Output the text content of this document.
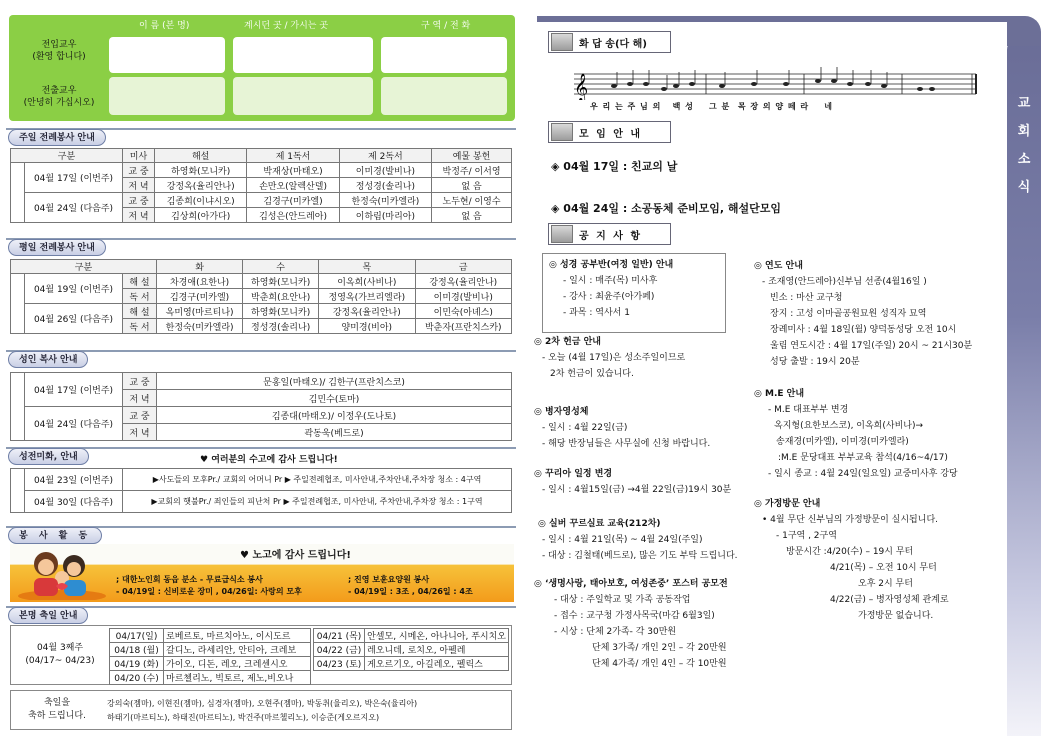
이 름 (본 명)	계시던 곳 / 가시는 곳	구 역 / 전 화
전입교우
(환영 합니다)
전출교우
(안녕히 가십시오)
주일 전례봉사 안내
구분		미사	해설	제 1독서	제 2독서	예물 봉헌
	04월 17일 (이번주)	교 중	하영화(모니카)	박재상(마태오)	이미경(발비나)	박정주/ 이서영
		저 녁	강정옥(율리안나)	손만오(알렉산델)	정성경(솔리나)	없 음
	04월 24일 (다음주)	교 중	김종희(이냐시오)	김경구(미카엘)	한정숙(미카엘라)	노두현/ 이영수
		저 녁	김상희(아가다)	김성은(안드레아)	이하림(마리아)	없 음
평일 전례봉사 안내
구분			화	수	목	금
	04월 19일 (이번주)	해 설	차경애(요한나)	하영화(모니카)	이옥희(사비나)	강정옥(율리안나)
		독 서	김경구(미카엘)	박춘희(요안나)	정영옥(가브리엘라)	이미경(발비나)
	04월 26일 (다음주)	해 설	옥미영(마르티나)	하영화(모니카)	강정옥(율리안나)	이민숙(아녜스)
		독 서	한정숙(미카엘라)	정성경(솔리나)	양미경(비아)	박춘자(프란치스카)
성인 복사 안내
	04월 17일 (이번주)	교 중	문홍일(마태오)/ 김한구(프란치스코)
		저 녁	김민수(토마)
	04월 24일 (다음주)	교 중	김종대(마태오)/ 이정우(도나토)
		저 녁	곽동욱(베드로)
성전미화, 안내	♥ 여러분의 수고에 감사 드립니다!
	04월 23일 (이번주)	▶사도들의 모후Pr./ 교회의 어머니 Pr ▶ 주일전례협조, 미사안내,주차안내,주차장 청소 : 4구역
	04월 30일 (다음주)	▶교회의 햇불Pr./ 죄인들의 피난처 Pr ▶ 주일전례협조, 미사안내, 주차안내,주차장 청소 : 1구역
봉 사 활 동
♥ 노고에 감사 드립니다!
; 대한노인회 동읍 분소 - 무료급식소 봉사
- 04/19일 : 신비로운 장미 , 04/26일: 사랑의 모후
; 진영 보훈요양원 봉사
- 04/19일 : 3조 , 04/26일 : 4조
본명 축일 안내
04월 3째주
(04/17~ 04/23)
04/17(일)	로베르토, 마르치아노, 이시도르
04/18 (월)	갈디노, 라세리안, 안티아, 크레보
04/19 (화)	가이오, 디돈, 레오, 크레센시오
04/20 (수)	마르첼리노, 빅토르, 제노,비오나
04/21 (목)	안셀모, 시메온, 아나니아, 푸시치오
04/22 (금)	레오니데, 로치오, 아펠레
04/23 (토)	게오르기오, 아길레오, 펠릭스
축일을
축하 드립니다.
강의숙(젬마), 이현진(젬마), 심경자(젬마), 오현주(젬마), 박동취(율리오), 박은숙(율리아)
하태기(마르티노), 하태진(마르티노), 박건주(마르첼리노), 이승준(게오르지오)
교
회
소
식
화 답 송(다 해)
𝄞
우 리 는 주 님 의   백 성    그 분  목 장 의 양 떼 라    네
모 임 안 내
◈ 04월 17일 : 친교의 날
◈ 04월 24일 : 소공동체 준비모임, 해설단모임
공 지 사 항
◎ 성경 공부반(여정 일반) 안내
- 일시 : 매주(목) 미사후
- 강사 : 최윤주(아가페)
- 과목 : 역사서 1
◎ 2차 헌금 안내
- 오늘 (4월 17일)은 성소주일이므로
2차 헌금이 있습니다.
◎ 병자영성체
- 일시 : 4월 22일(금)
- 해당 반장님들은 사무실에 신청 바랍니다.
◎ 꾸리아 일정 변경
- 일시 : 4월15일(금) →4월 22일(금)19시 30분
◎ 실버 꾸르실료 교육(212차)
- 일시 : 4월 21일(목) ~ 4월 24일(주일)
- 대상 : 김철태(베드로), 많은 기도 부탁 드립니다.
◎ ‘생명사랑, 태아보호, 여성존중’ 포스터 공모전
- 대상 : 주일학교 및 가족 공동작업
- 접수 : 교구청 가정사목국(마감 6월3일)
- 시상 : 단체 2가족- 각 30만원
단체 3가족/ 개인 2인 – 각 20만원
단체 4가족/ 개인 4인 – 각 10만원
◎ 연도 안내
- 조재영(안드레아)신부님 선종(4월16일 )
빈소 : 마산 교구청
장지 : 고성 이마골공원묘원 성직자 묘역
장례미사 : 4월 18일(월) 양덕동성당 오전 10시
울림 연도시간 : 4월 17일(주일) 20시 ~ 21시30분
성당 출발 : 19시 20분
◎ M.E 안내
- M.E 대표부부 변경
옥지형(요한보스코), 이옥희(사비나)→
송재경(미카엘), 이미경(미카엘라)
:M.E 문당대표 부부교육 참석(4/16~4/17)
- 일시 종교 : 4월 24일(일요일) 교중미사후 강당
◎ 가정방문 안내
• 4월 무단 신부님의 가정방문이 실시됩니다.
- 1구역 , 2구역
방문시간 :4/20(수) – 19시 무터
4/21(목) – 오전 10시 무터
오후 2시 무터
4/22(금) – 병자영성체 관계로
가정방문 없습니다.
